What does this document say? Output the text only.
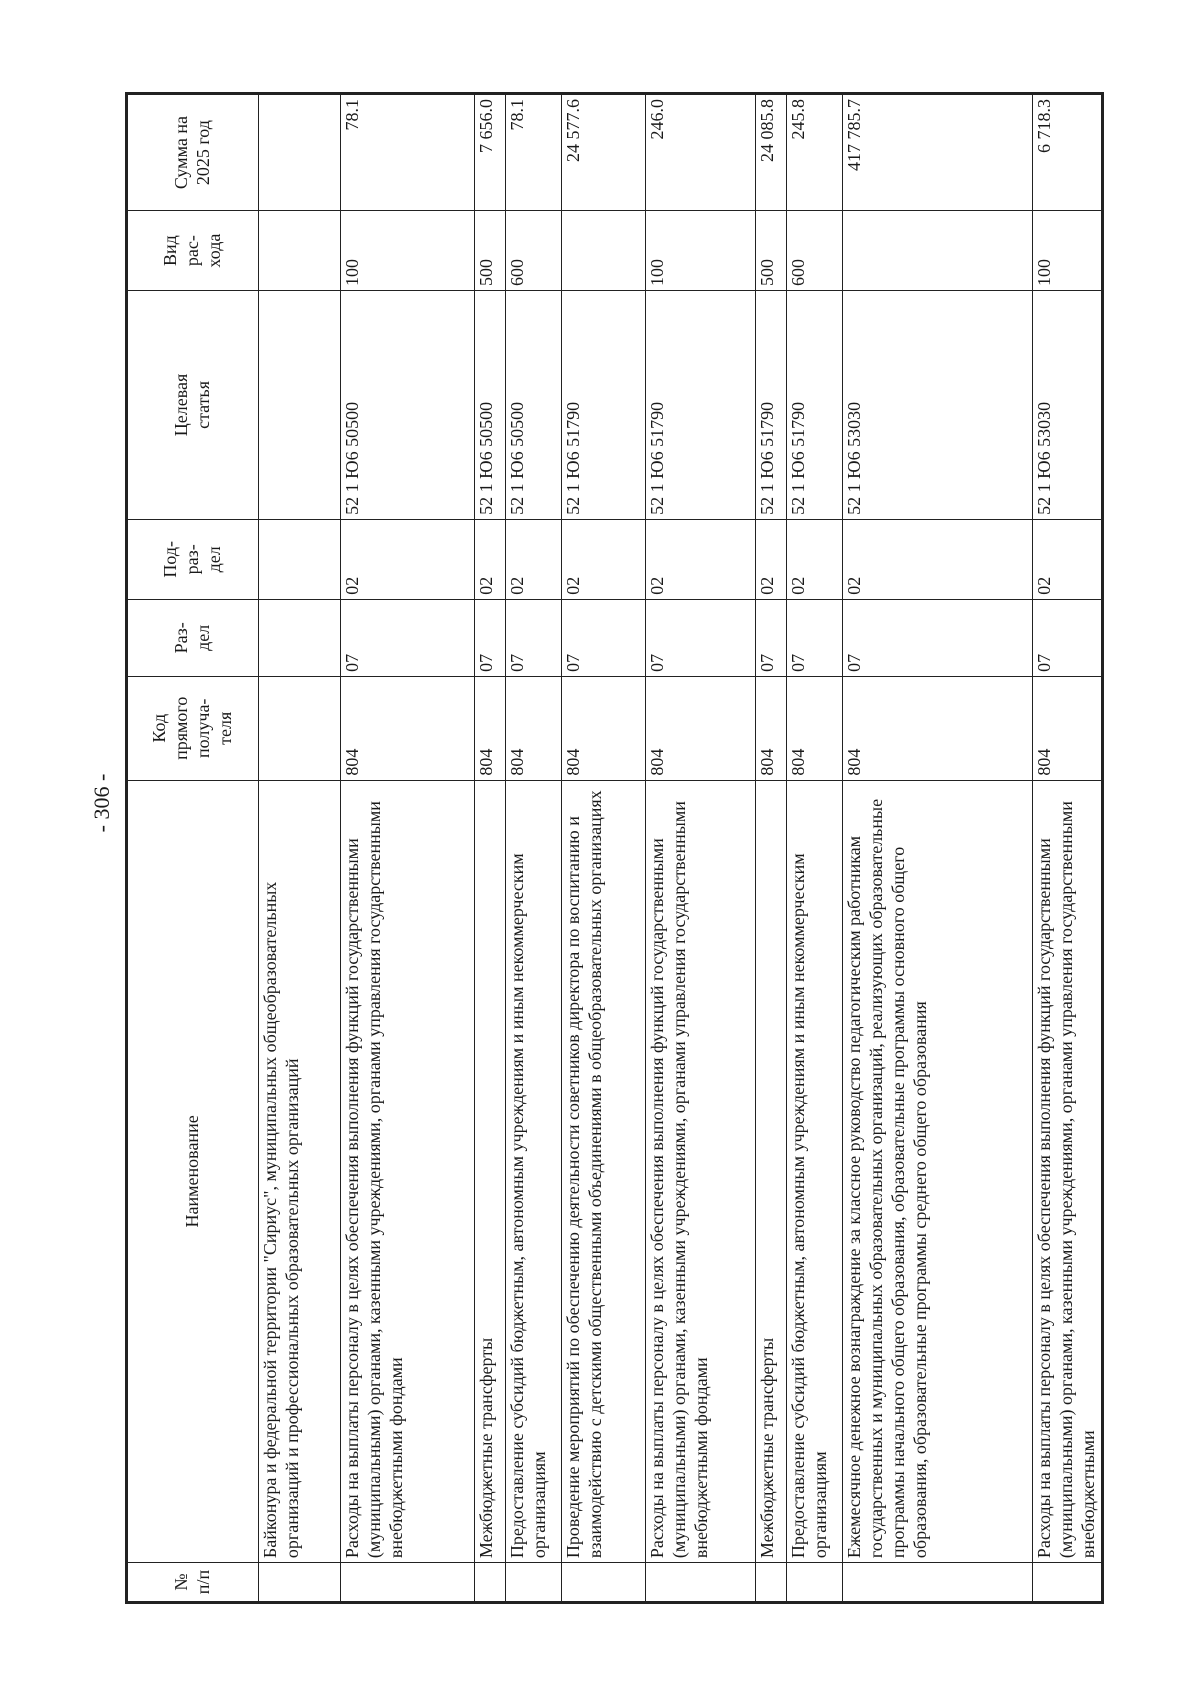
- 306 -
№ п/п	Наименование	Код прямого получа- теля	Раз- дел	Под- раз- дел	Целевая статья	Вид рас- хода	Сумма на 2025 год

	Байконура и федеральной территории "Сириус", муниципальных общеобразовательных организаций и профессиональных образовательных организаций						
	Расходы на выплаты персоналу в целях обеспечения выполнения функций государственными (муниципальными) органами, казенными учреждениями, органами управления государственными внебюджетными фондами	804	07	02	52 1 Ю6 50500	100	78.1
	Межбюджетные трансферты	804	07	02	52 1 Ю6 50500	500	7 656.0
	Предоставление субсидий бюджетным, автономным учреждениям и иным некоммерческим организациям	804	07	02	52 1 Ю6 50500	600	78.1
	Проведение мероприятий по обеспечению деятельности советников директора по воспитанию и взаимодействию с детскими общественными объединениями в общеобразовательных организациях	804	07	02	52 1 Ю6 51790		24 577.6
	Расходы на выплаты персоналу в целях обеспечения выполнения функций государственными (муниципальными) органами, казенными учреждениями, органами управления государственными внебюджетными фондами	804	07	02	52 1 Ю6 51790	100	246.0
	Межбюджетные трансферты	804	07	02	52 1 Ю6 51790	500	24 085.8
	Предоставление субсидий бюджетным, автономным учреждениям и иным некоммерческим организациям	804	07	02	52 1 Ю6 51790	600	245.8
	Ежемесячное денежное вознаграждение за классное руководство педагогическим работникам государственных и муниципальных образовательных организаций, реализующих образовательные программы начального общего образования, образовательные программы основного общего образования, образовательные программы среднего общего образования	804	07	02	52 1 Ю6 53030		417 785.7
	Расходы на выплаты персоналу в целях обеспечения выполнения функций государственными (муниципальными) органами, казенными учреждениями, органами управления государственными внебюджетными	804	07	02	52 1 Ю6 53030	100	6 718.3
